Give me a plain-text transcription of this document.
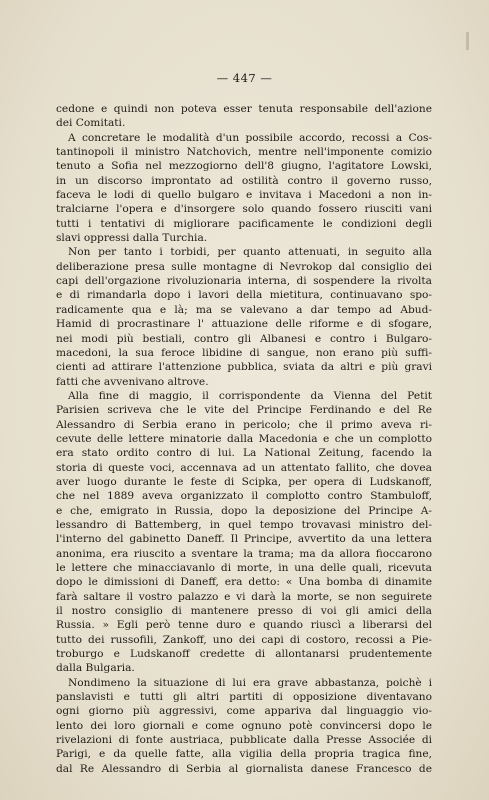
— 447 —
cedone e quindi non poteva esser tenuta responsabile dell'azione
dei Comitati.
A concretare le modalità d'un possibile accordo, recossi a Cos-
tantinopoli il ministro Natchovich, mentre nell'imponente comizio
tenuto a Sofia nel mezzogiorno dell'8 giugno, l'agitatore Lowski,
in un discorso improntato ad ostilità contro il governo russo,
faceva le lodi di quello bulgaro e invitava i Macedoni a non in-
tralciarne l'opera e d'insorgere solo quando fossero riusciti vani
tutti i tentativi di migliorare pacificamente le condizioni degli
slavi oppressi dalla Turchia.
Non per tanto i torbidi, per quanto attenuati, in seguito alla
deliberazione presa sulle montagne di Nevrokop dal consiglio dei
capi dell'orgazione rivoluzionaria interna, di sospendere la rivolta
e di rimandarla dopo i lavori della mietitura, continuavano spo-
radicamente qua e là; ma se valevano a dar tempo ad Abud-
Hamid di procrastinare l' attuazione delle riforme e di sfogare,
nei modi più bestiali, contro gli Albanesi e contro i Bulgaro-
macedoni, la sua feroce libidine di sangue, non erano più suffi-
cienti ad attirare l'attenzione pubblica, sviata da altri e più gravi
fatti che avvenivano altrove.
Alla fine di maggio, il corrispondente da Vienna del Petit
Parisien scriveva che le vite del Principe Ferdinando e del Re
Alessandro di Serbia erano in pericolo; che il primo aveva ri-
cevute delle lettere minatorie dalla Macedonia e che un complotto
era stato ordito contro di lui. La National Zeitung, facendo la
storia di queste voci, accennava ad un attentato fallito, che doveа
aver luogo durante le feste di Scipka, per opera di Ludskanoff,
che nel 1889 aveva organizzato il complotto contro Stambuloff,
e che, emigrato in Russia, dopo la deposizione del Principe A-
lessandro di Battemberg, in quel tempo trovavasi ministro del-
l'interno del gabinetto Daneff. Il Principe, avvertito da una lettera
anonima, era riuscito a sventare la trama; ma da allora fioccarono
le lettere che minacciavanlo di morte, in una delle quali, ricevuta
dopo le dimissioni di Daneff, era detto: « Una bomba di dinamite
farà saltare il vostro palazzo e vi darà la morte, se non seguirete
il nostro consiglio di mantenere presso di voi gli amici della
Russia. » Egli però tenne duro e quando riuscì a liberarsi del
tutto dei russofili, Zankoff, uno dei capi di costoro, recossi a Pie-
troburgo e Ludskanoff credette di allontanarsi prudentemente
dalla Bulgaria.
Nondimeno la situazione di lui era grave abbastanza, poichè i
panslavisti e tutti gli altri partiti di opposizione diventavano
ogni giorno più aggressivi, come appariva dal linguaggio vio-
lento dei loro giornali e come ognuno potè convincersi dopo le
rivelazioni di fonte austriaca, pubblicate dalla Presse Associée di
Parigi, e da quelle fatte, alla vigilia della propria tragica fine,
dal Re Alessandro di Serbia al giornalista danese Francesco de
